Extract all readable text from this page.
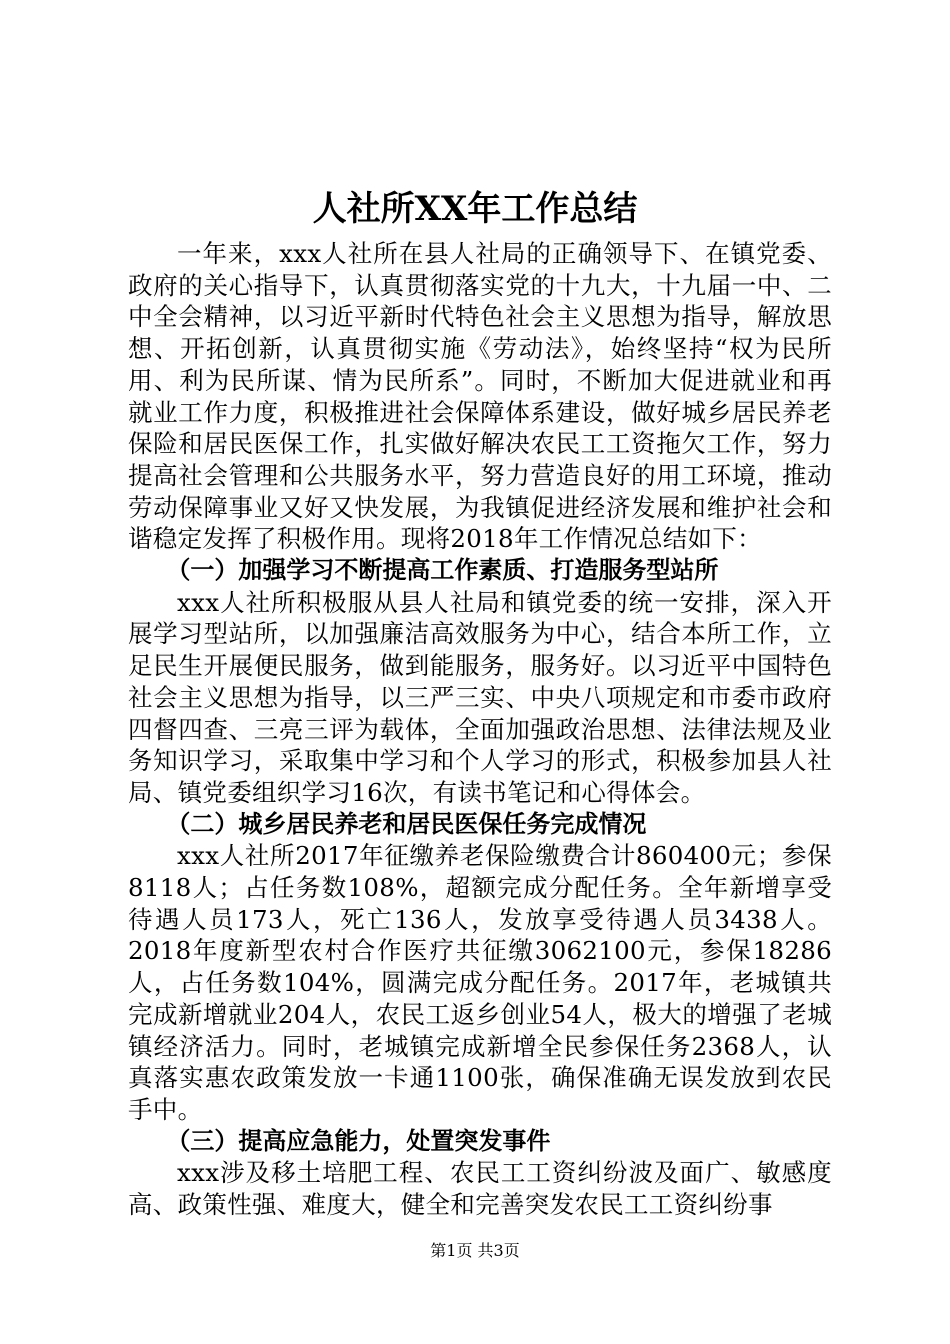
人社所XX年工作总结

一年来，xxx人社所在县人社局的正确领导下、在镇党委、政府的关心指导下，认真贯彻落实党的十九大，十九届一中、二中全会精神，以习近平新时代特色社会主义思想为指导，解放思想、开拓创新，认真贯彻实施《劳动法》，始终坚持“权为民所用、利为民所谋、情为民所系”。同时，不断加大促进就业和再就业工作力度，积极推进社会保障体系建设，做好城乡居民养老保险和居民医保工作，扎实做好解决农民工工资拖欠工作，努力提高社会管理和公共服务水平，努力营造良好的用工环境，推动劳动保障事业又好又快发展，为我镇促进经济发展和维护社会和谐稳定发挥了积极作用。现将2018年工作情况总结如下：

（一）加强学习不断提高工作素质、打造服务型站所

xxx人社所积极服从县人社局和镇党委的统一安排，深入开展学习型站所，以加强廉洁高效服务为中心，结合本所工作，立足民生开展便民服务，做到能服务，服务好。以习近平中国特色社会主义思想为指导，以三严三实、中央八项规定和市委市政府四督四查、三亮三评为载体，全面加强政治思想、法律法规及业务知识学习，采取集中学习和个人学习的形式，积极参加县人社局、镇党委组织学习16次，有读书笔记和心得体会。

（二）城乡居民养老和居民医保任务完成情况

xxx人社所2017年征缴养老保险缴费合计860400元；参保8118人；占任务数108%，超额完成分配任务。全年新增享受待遇人员173人，死亡136人，发放享受待遇人员3438人。2018年度新型农村合作医疗共征缴3062100元，参保18286人，占任务数104%，圆满完成分配任务。2017年，老城镇共完成新增就业204人，农民工返乡创业54人，极大的增强了老城镇经济活力。同时，老城镇完成新增全民参保任务2368人，认真落实惠农政策发放一卡通1100张，确保准确无误发放到农民手中。

（三）提高应急能力，处置突发事件

xxx涉及移土培肥工程、农民工工资纠纷波及面广、敏感度高、政策性强、难度大，健全和完善突发农民工工资纠纷事

第1页 共3页
